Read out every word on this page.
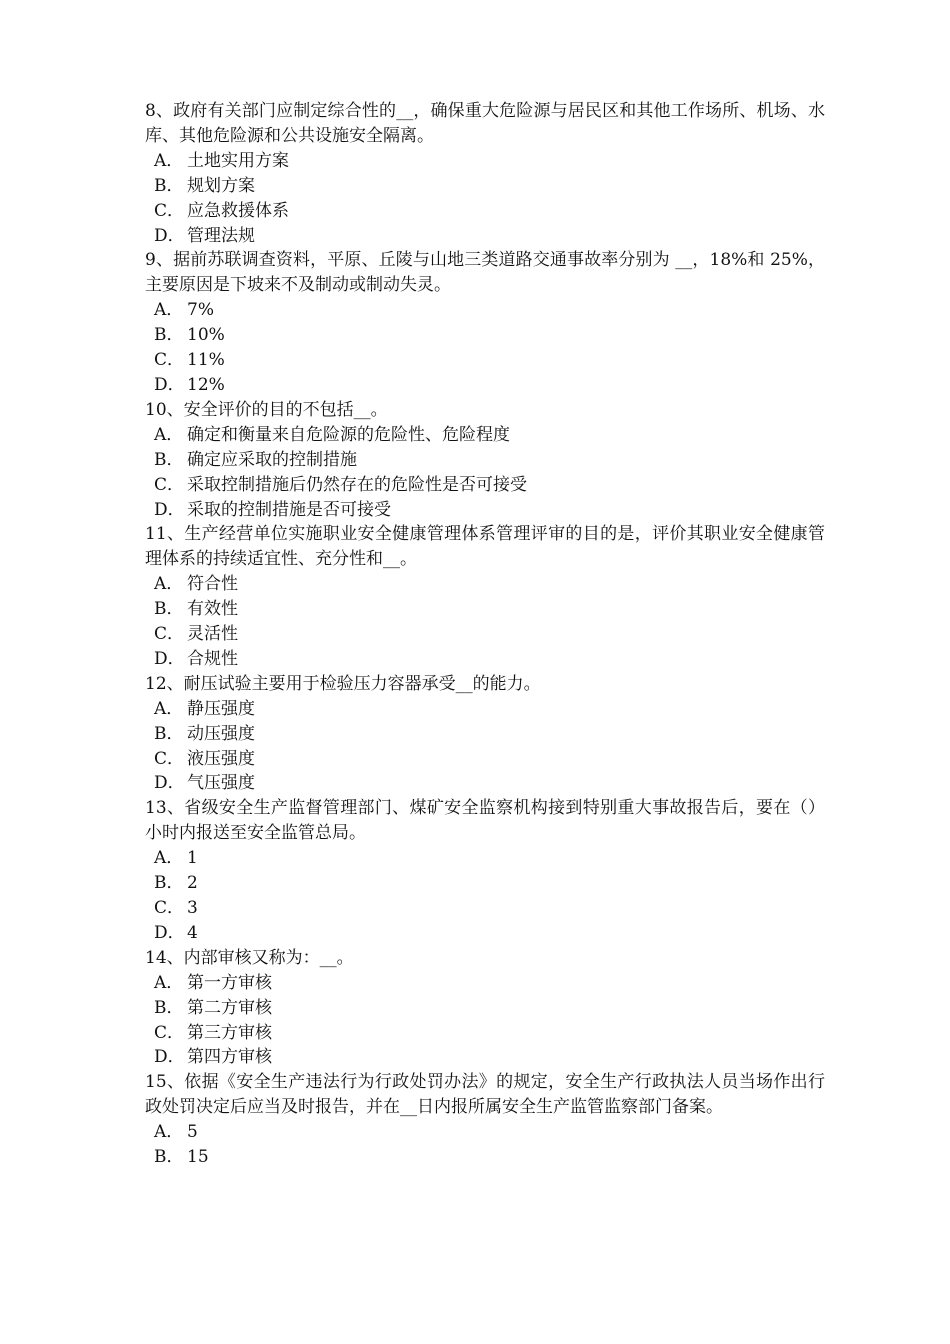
8、政府有关部门应制定综合性的__，确保重大危险源与居民区和其他工作场所、机场、水库、其他危险源和公共设施安全隔离。

A． 土地实用方案
B． 规划方案
C． 应急救援体系
D． 管理法规

9、据前苏联调查资料，平原、丘陵与山地三类道路交通事故率分别为 __，18%和 25%，主要原因是下坡来不及制动或制动失灵。

A． 7%
B． 10%
C． 11%
D． 12%

10、安全评价的目的不包括__。

A． 确定和衡量来自危险源的危险性、危险程度
B． 确定应采取的控制措施
C． 采取控制措施后仍然存在的危险性是否可接受
D． 采取的控制措施是否可接受

11、生产经营单位实施职业安全健康管理体系管理评审的目的是，评价其职业安全健康管理体系的持续适宜性、充分性和__。

A． 符合性
B． 有效性
C． 灵活性
D． 合规性

12、耐压试验主要用于检验压力容器承受__的能力。

A． 静压强度
B． 动压强度
C． 液压强度
D． 气压强度

13、省级安全生产监督管理部门、煤矿安全监察机构接到特别重大事故报告后，要在（）小时内报送至安全监管总局。

A． 1
B． 2
C． 3
D． 4

14、内部审核又称为：__。

A． 第一方审核
B． 第二方审核
C． 第三方审核
D． 第四方审核

15、依据《安全生产违法行为行政处罚办法》的规定，安全生产行政执法人员当场作出行政处罚决定后应当及时报告，并在__日内报所属安全生产监管监察部门备案。

A． 5
B． 15
